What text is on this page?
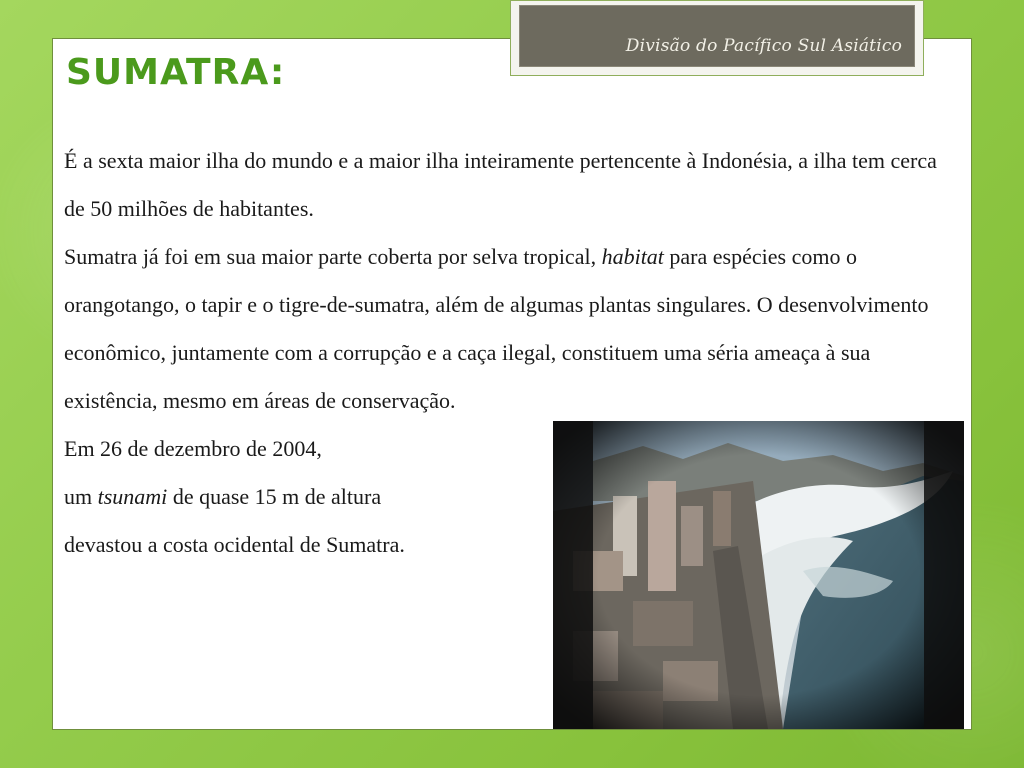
Divisão do Pacífico Sul Asiático
SUMATRA:

É a sexta maior ilha do mundo e a maior ilha inteiramente pertencente à Indonésia, a ilha tem cerca de 50 milhões de habitantes.

Sumatra já foi em sua maior parte coberta por selva tropical, habitat para espécies como o orangotango, o tapir e o tigre-de-sumatra, além de algumas plantas singulares. O desenvolvimento econômico, juntamente com a corrupção e a caça ilegal, constituem uma séria ameaça à sua existência, mesmo em áreas de conservação.

Em 26 de dezembro de 2004,

um tsunami de quase 15 m de altura

devastou a costa ocidental de Sumatra.
